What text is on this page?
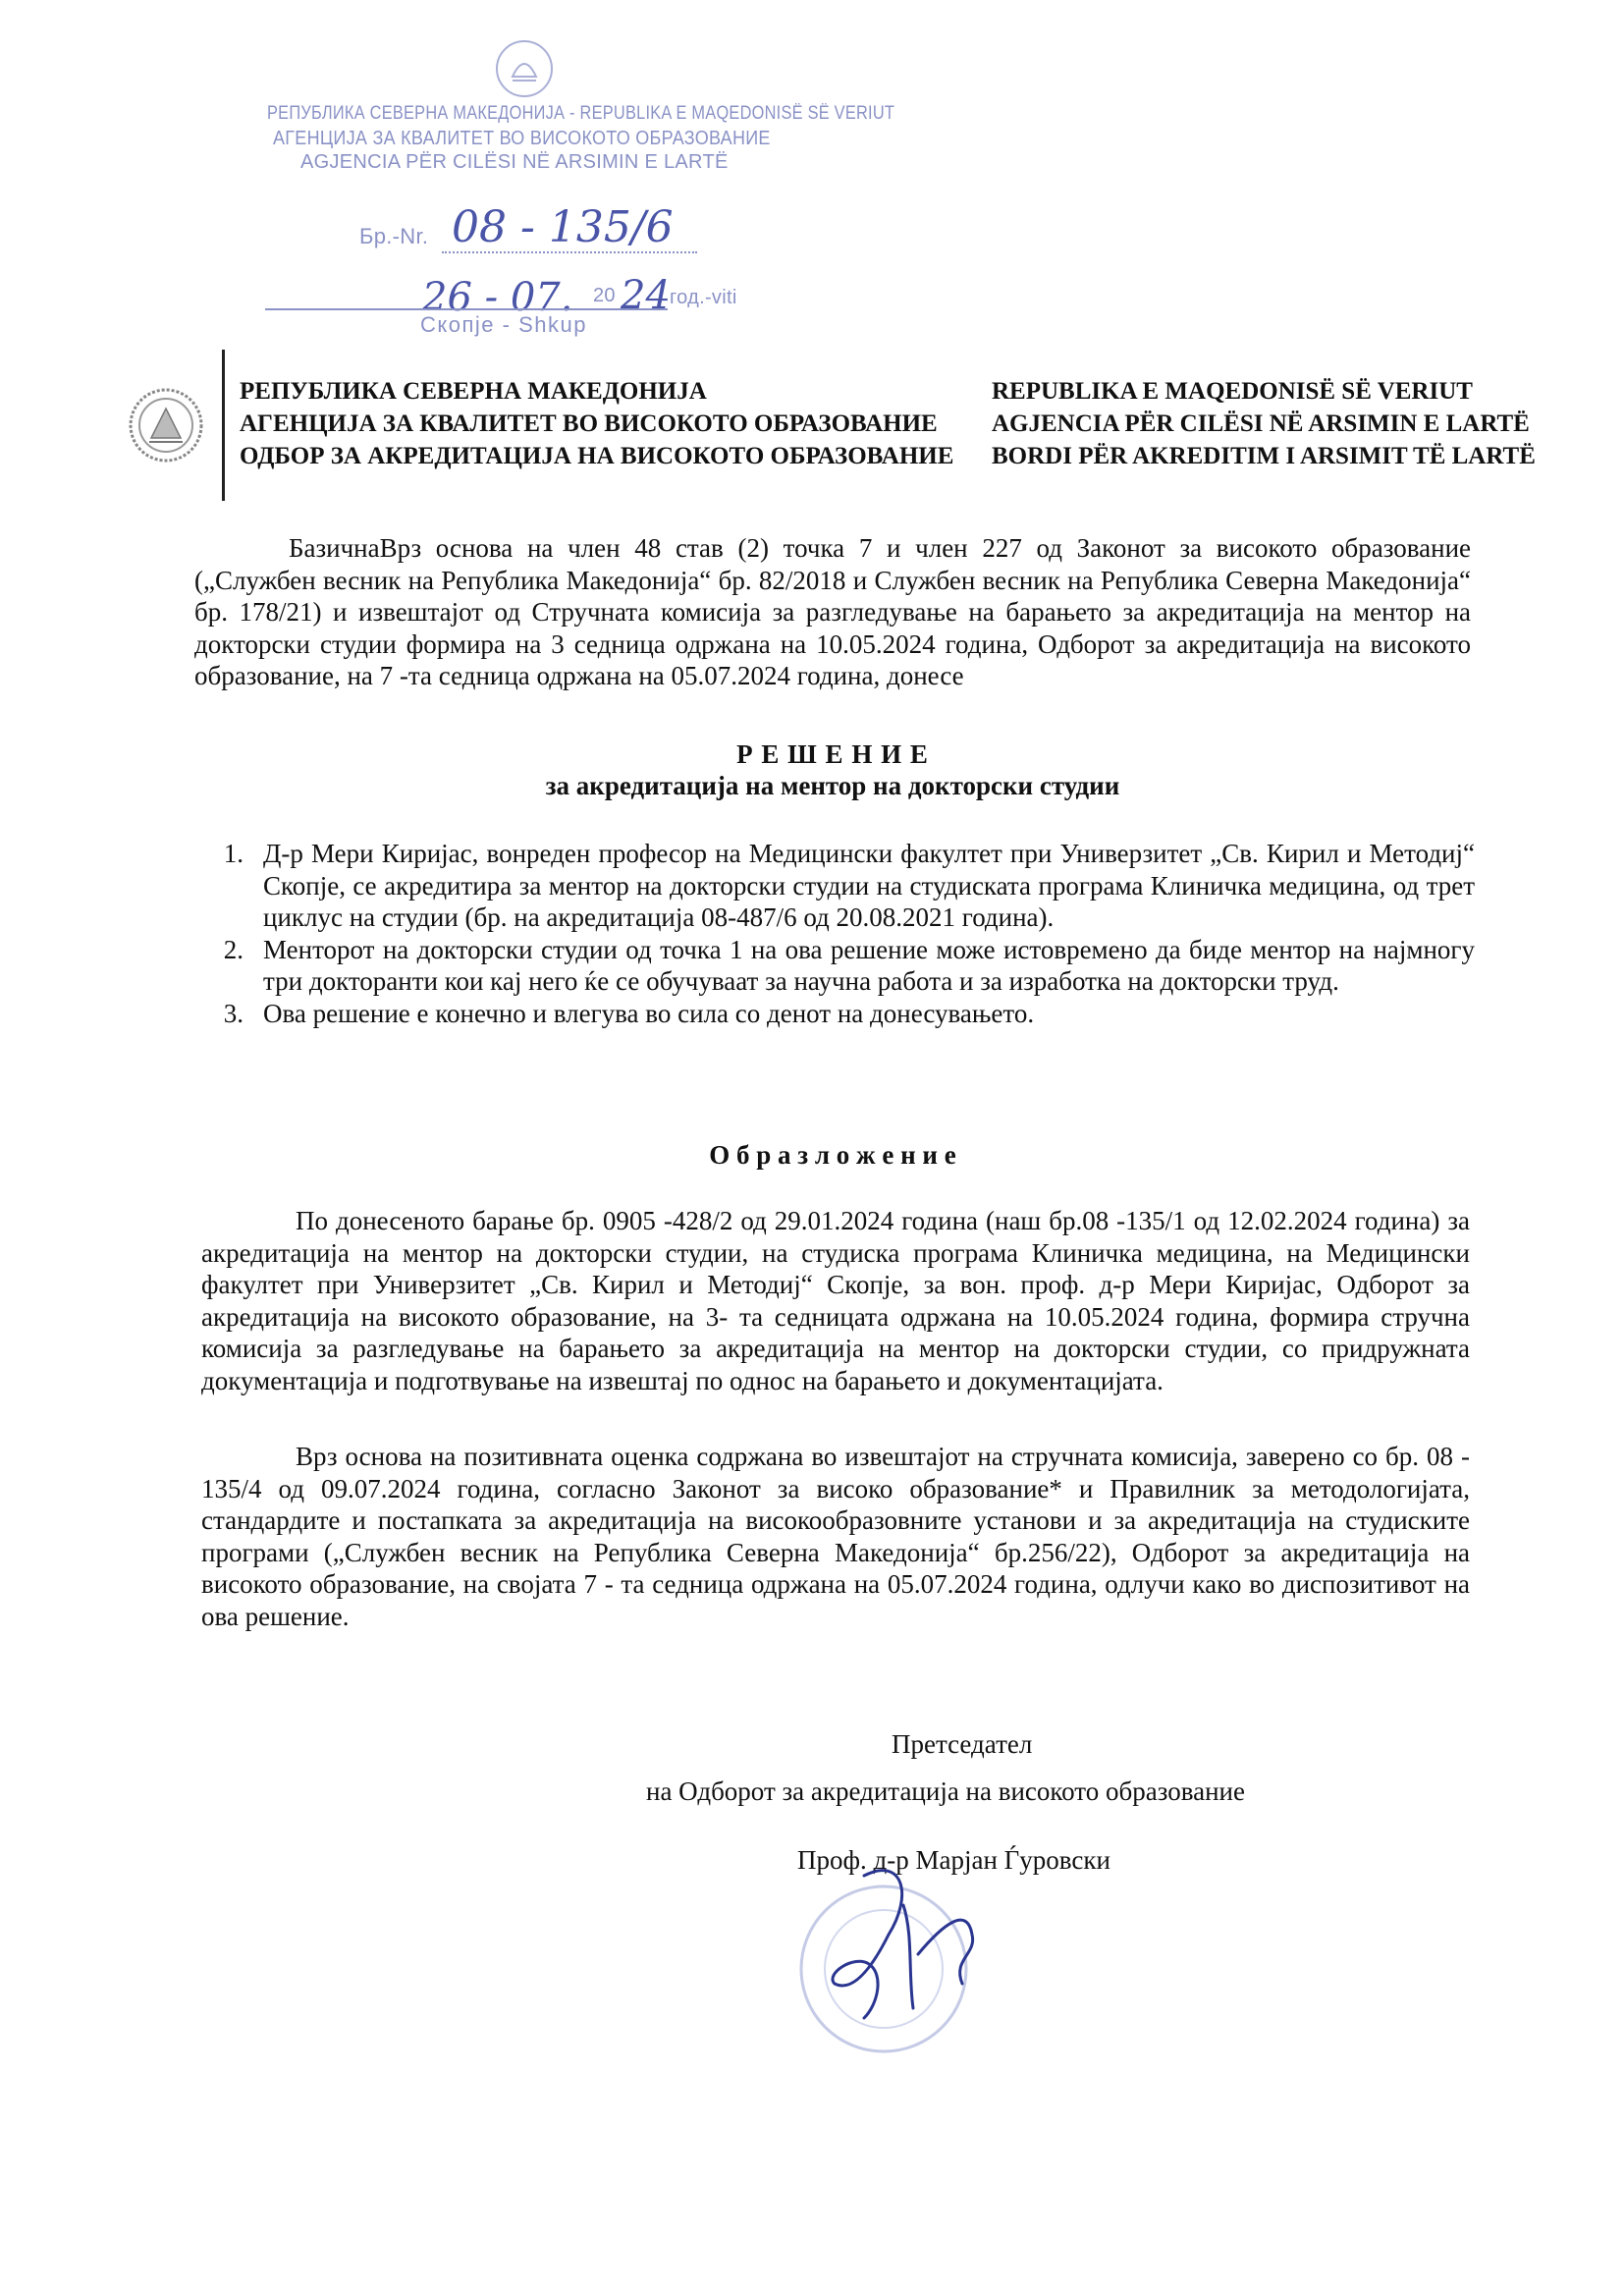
РЕПУБЛИКА СЕВЕРНА МАКЕДОНИЈА - REPUBLIKA E MAQEDONISË SË VERIUT
АГЕНЦИЈА ЗА КВАЛИТЕТ ВО ВИСОКОТО ОБРАЗОВАНИЕ
AGJENCIA PËR CILËSI NË ARSIMIN E LARTË
Бр.-Nr. 08 - 135/6
26 - 07. 20 24 год.-viti
Скопје - Shkup
РЕПУБЛИКА СЕВЕРНА МАКЕДОНИЈА
АГЕНЦИЈА ЗА КВАЛИТЕТ ВО ВИСОКОТО ОБРАЗОВАНИЕ
ОДБОР ЗА АКРЕДИТАЦИЈА НА ВИСОКОТО ОБРАЗОВАНИЕ
REPUBLIKA E MAQEDONISË SË VERIUT
AGJENCIA PËR CILËSI NË ARSIMIN E LARTË
BORDI PËR AKREDITIM I ARSIMIT TË LARTË
БазичнаВрз основа на член 48 став (2) точка 7 и член 227 од Законот за високото образование („Службен весник на Република Македонија“ бр. 82/2018 и Службен весник на Република Северна Македонија“ бр. 178/21) и извештајот од Стручната комисија за разгледување на барањето за акредитација на ментор на докторски студии формира на 3 седница одржана на 10.05.2024 година, Одборот за акредитација на високото образование, на 7 -та седница одржана на 05.07.2024 година, донесе
Р Е Ш Е Н И Е
за акредитација на ментор на докторски студии
1. Д-р Мери Киријас, вонреден професор на Медицински факултет при Универзитет „Св. Кирил и Методиј“ Скопје, се акредитира за ментор на докторски студии на студиската програма Клиничка медицина, од трет циклус на студии (бр. на акредитација 08-487/6 од 20.08.2021 година).
2. Менторот на докторски студии од точка 1 на ова решение може истовремено да биде ментор на најмногу три докторанти кои кај него ќе се обучуваат за научна работа и за изработка на докторски труд.
3. Ова решение е конечно и влегува во сила со денот на донесувањето.
О б р а з л о ж е н и е
По донесеното барање бр. 0905 -428/2 од 29.01.2024 година (наш бр.08 -135/1 од 12.02.2024 година) за акредитација на ментор на докторски студии, на студиска програма Клиничка медицина, на Медицински факултет при Универзитет „Св. Кирил и Методиј“ Скопје, за вон. проф. д-р Мери Киријас, Одборот за акредитација на високото образование, на 3- та седницата одржана на 10.05.2024 година, формира стручна комисија за разгледување на барањето за акредитација на ментор на докторски студии, со придружната документација и подготвување на извештај по однос на барањето и документацијата.
Врз основа на позитивната оценка содржана во извештајот на стручната комисија, заверено со бр. 08 - 135/4 од 09.07.2024 година, согласно Законот за високо образование* и Правилник за методологијата, стандардите и постапката за акредитација на високообразовните установи и за акредитација на студиските програми („Службен весник на Република Северна Македонија“ бр.256/22), Одборот за акредитација на високото образование, на својата 7 - та седница одржана на 05.07.2024 година, одлучи како во диспозитивот на ова решение.
Претседател
на Одборот за акредитација на високото образование
Проф. д-р Марјан Ѓуровски
